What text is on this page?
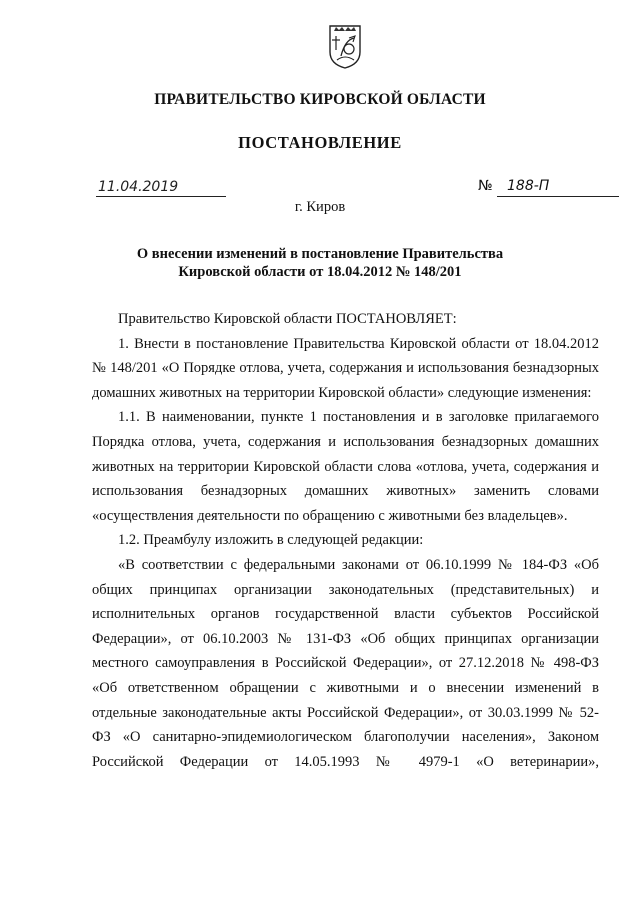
ПРАВИТЕЛЬСТВО КИРОВСКОЙ ОБЛАСТИ
ПОСТАНОВЛЕНИЕ
11.04.2019	№ 188-П
г. Киров
О внесении изменений в постановление Правительства
Кировской области от 18.04.2012 № 148/201

Правительство Кировской области ПОСТАНОВЛЯЕТ:

1. Внести в постановление Правительства Кировской области от 18.04.2012 № 148/201 «О Порядке отлова, учета, содержания и использования безнадзорных домашних животных на территории Кировской области» следующие изменения:

1.1. В наименовании, пункте 1 постановления и в заголовке прилагаемого Порядка отлова, учета, содержания и использования безнадзорных домашних животных на территории Кировской области слова «отлова, учета, содержания и использования безнадзорных домашних животных» заменить словами «осуществления деятельности по обращению с животными без владельцев».

1.2. Преамбулу изложить в следующей редакции:

«В соответствии с федеральными законами от 06.10.1999 № 184-ФЗ «Об общих принципах организации законодательных (представительных) и исполнительных органов государственной власти субъектов Российской Федерации», от 06.10.2003 № 131-ФЗ «Об общих принципах организации местного самоуправления в Российской Федерации», от 27.12.2018 № 498-ФЗ «Об ответственном обращении с животными и о внесении изменений в отдельные законодательные акты Российской Федерации», от 30.03.1999 № 52-ФЗ «О санитарно-эпидемиологическом благополучии населения», Законом Российской Федерации от 14.05.1993 № 4979-1 «О ветеринарии»,
